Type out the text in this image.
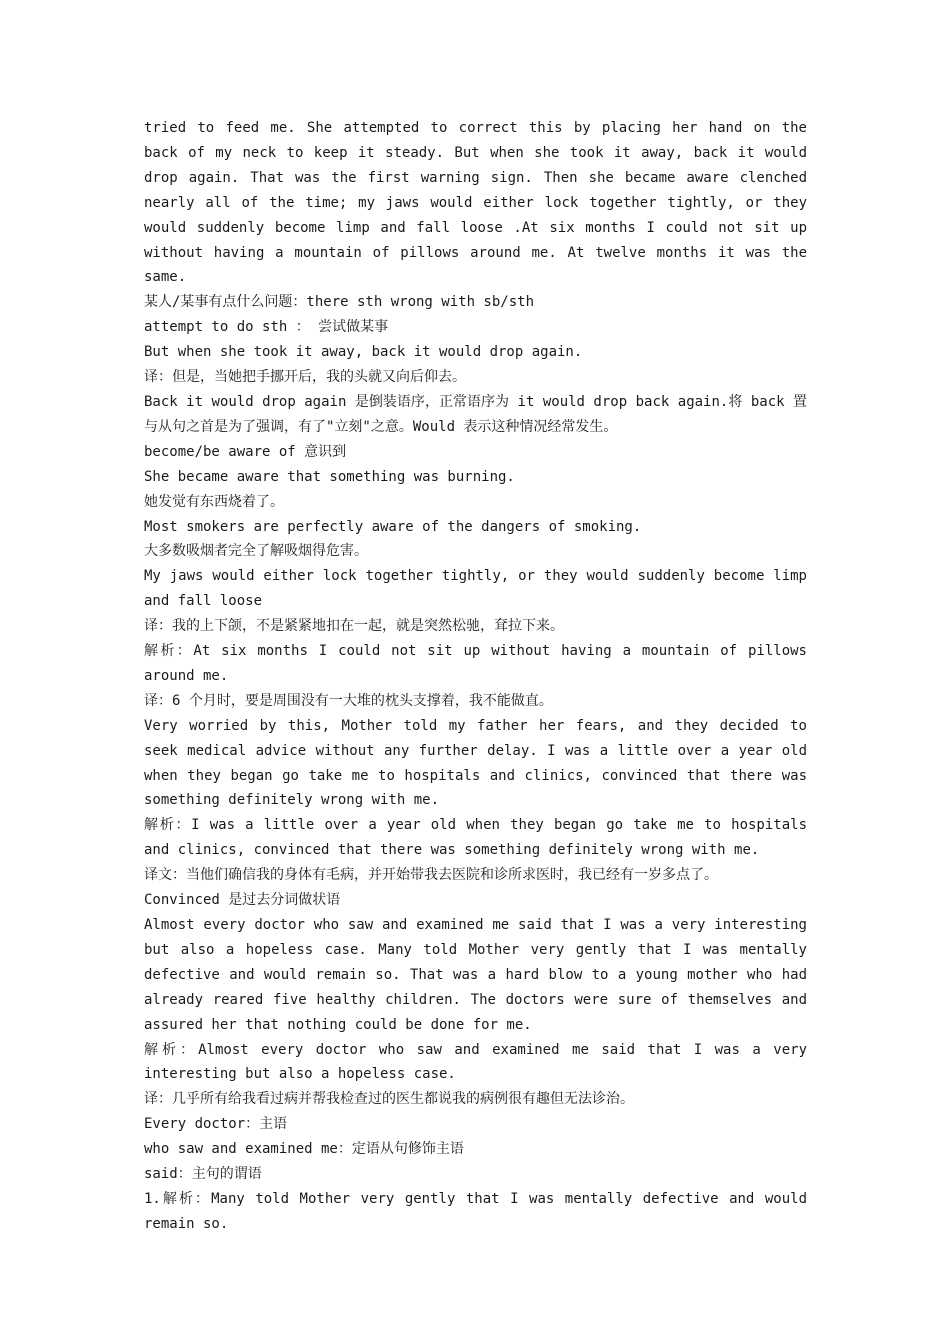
tried to feed me. She attempted to correct this by placing her hand on the back of my neck to keep it steady. But when she took it away, back it would drop again. That was the first warning sign. Then she became aware clenched nearly all of the time; my jaws would either lock together tightly, or they would suddenly become limp and fall loose .At six months I could not sit up without having a mountain of pillows around me. At twelve months it was the same.

某人/某事有点什么问题：there sth wrong with sb/sth

attempt to do sth ： 尝试做某事

But when she took it away, back it would drop again.

译：但是，当她把手挪开后，我的头就又向后仰去。

Back it would drop again 是倒装语序，正常语序为 it would drop back again.将 back 置与从句之首是为了强调，有了"立刻"之意。Would 表示这种情况经常发生。

become/be aware of 意识到

She became aware that something was burning.

她发觉有东西烧着了。

Most smokers are perfectly aware of the dangers of smoking.

大多数吸烟者完全了解吸烟得危害。

My jaws would either lock together tightly, or they would suddenly become limp and fall loose

译：我的上下颌，不是紧紧地扣在一起，就是突然松驰，耷拉下来。

解析：At six months I could not sit up without having a mountain of pillows around me.

译：6 个月时，要是周围没有一大堆的枕头支撑着，我不能做直。

Very worried by this, Mother told my father her fears, and they decided to seek medical advice without any further delay. I was a little over a year old when they began go take me to hospitals and clinics, convinced that there was something definitely wrong with me.

解析：I was a little over a year old when they began go take me to hospitals and clinics, convinced that there was something definitely wrong with me.

译文：当他们确信我的身体有毛病，并开始带我去医院和诊所求医时，我已经有一岁多点了。

Convinced 是过去分词做状语

Almost every doctor who saw and examined me said that I was a very interesting but also a hopeless case. Many told Mother very gently that I was mentally defective and would remain so. That was a hard blow to a young mother who had already reared five healthy children. The doctors were sure of themselves and assured her that nothing could be done for me.

解析：Almost every doctor who saw and examined me said that I was a very interesting but also a hopeless case.

译：几乎所有给我看过病并帮我检查过的医生都说我的病例很有趣但无法诊治。

Every doctor：主语

who saw and examined me：定语从句修饰主语

said：主句的谓语

1.解析：Many told Mother very gently that I was mentally defective and would remain so.
